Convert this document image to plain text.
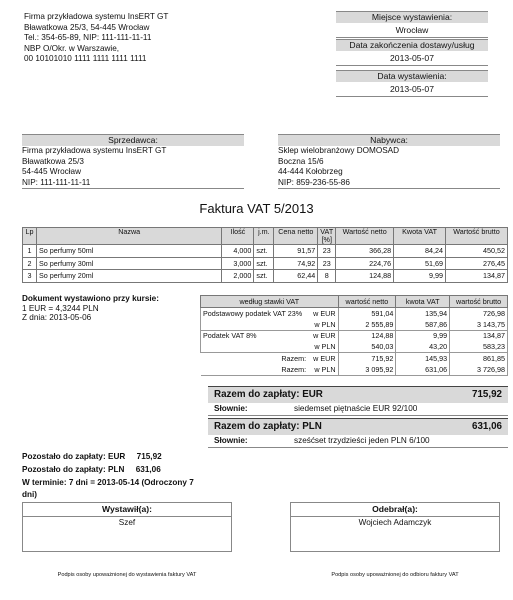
Firma przykładowa systemu InsERT GT
Bławatkowa 25/3, 54-445 Wrocław
Tel.: 354-65-89, NIP: 111-111-11-11
NBP O/Okr. w Warszawie,
00 10101010 1111 1111 1111 1111
Miejsce wystawienia:
Wrocław
Data zakończenia dostawy/usług
2013-05-07
Data wystawienia:
2013-05-07
Sprzedawca:
Firma przykładowa systemu InsERT GT
Bławatkowa 25/3
54-445 Wrocław
NIP: 111-111-11-11
Nabywca:
Sklep wielobranżowy DOMOSAD
Boczna 15/6
44-444 Kołobrzeg
NIP: 859-236-55-86
Faktura VAT 5/2013
Lp	Nazwa	Ilość	j.m.	Cena netto	VAT [%]	Wartość netto	Kwota VAT	Wartość brutto
1	So perfumy 50ml	4,000	szt.	91,57	23	366,28	84,24	450,52
2	So perfumy 30ml	3,000	szt.	74,92	23	224,76	51,69	276,45
3	So perfumy 20ml	2,000	szt.	62,44	8	124,88	9,99	134,87
Dokument wystawiono przy kursie:
1 EUR = 4,3244 PLN
Z dnia: 2013-05-06
według stawki VAT		wartość netto	kwota VAT	wartość brutto
Podstawowy podatek VAT 23%	w EUR	591,04	135,94	726,98
	w PLN	2 555,89	587,86	3 143,75
Podatek VAT 8%	w EUR	124,88	9,99	134,87
	w PLN	540,03	43,20	583,23
Razem:	w EUR	715,92	145,93	861,85
Razem:	w PLN	3 095,92	631,06	3 726,98
Razem do zapłaty: EUR	715,92
Słownie:	siedemset piętnaście EUR 92/100
Razem do zapłaty: PLN	631,06
Słownie:	sześćset trzydzieści jeden PLN 6/100
Pozostało do zapłaty: EUR     715,92
Pozostało do zapłaty: PLN     631,06
W terminie: 7 dni = 2013-05-14 (Odroczony 7
dni)
Wystawił(a):
Szef
Podpis osoby upoważnionej do wystawienia faktury VAT
Odebrał(a):
Wojciech Adamczyk
Podpis osoby upoważnionej do odbioru faktury VAT
